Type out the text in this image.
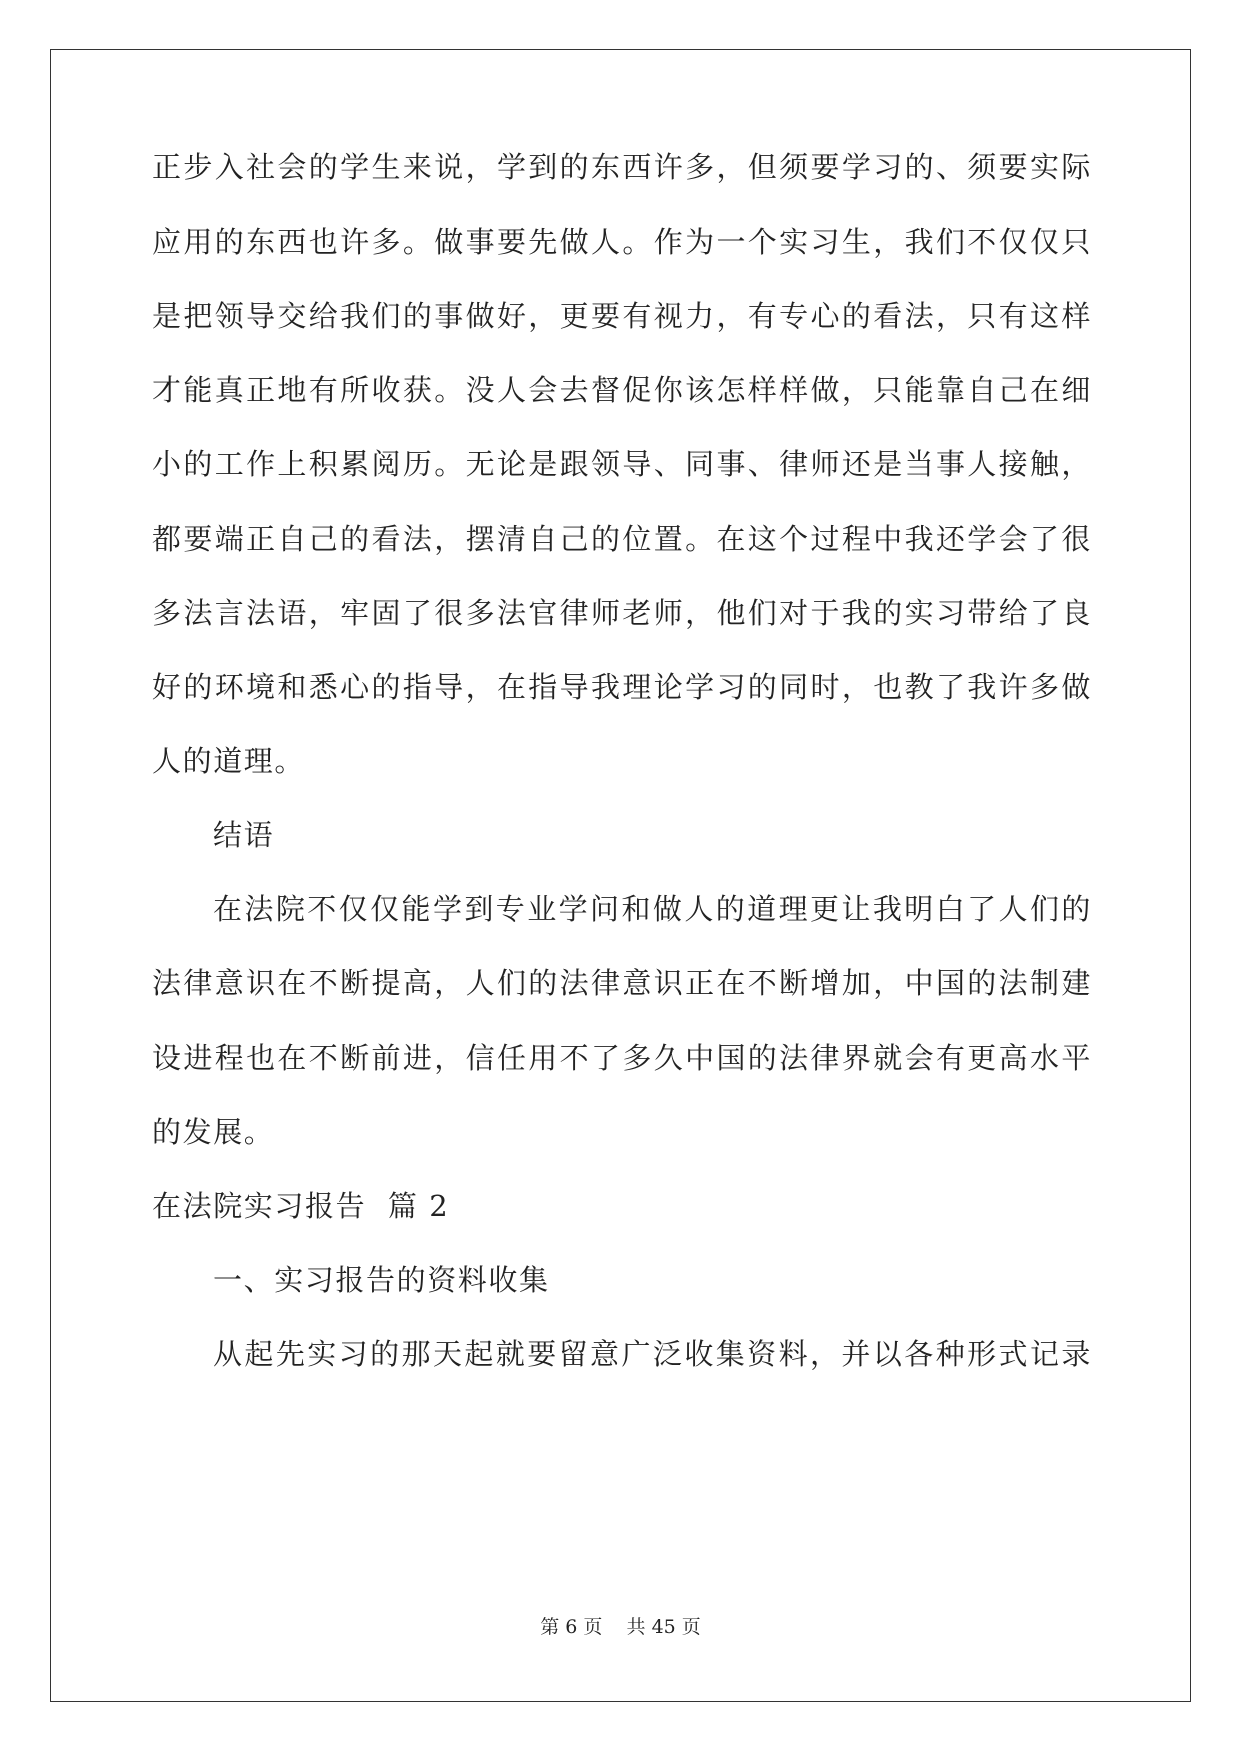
正步入社会的学生来说，学到的东西许多，但须要学习的、须要实际
应用的东西也许多。做事要先做人。作为一个实习生，我们不仅仅只
是把领导交给我们的事做好，更要有视力，有专心的看法，只有这样
才能真正地有所收获。没人会去督促你该怎样样做，只能靠自己在细
小的工作上积累阅历。无论是跟领导、同事、律师还是当事人接触，
都要端正自己的看法，摆清自己的位置。在这个过程中我还学会了很
多法言法语，牢固了很多法官律师老师，他们对于我的实习带给了良
好的环境和悉心的指导，在指导我理论学习的同时，也教了我许多做
人的道理。
结语
在法院不仅仅能学到专业学问和做人的道理更让我明白了人们的
法律意识在不断提高，人们的法律意识正在不断增加，中国的法制建
设进程也在不断前进，信任用不了多久中国的法律界就会有更高水平
的发展。
在法院实习报告  篇 2
一、实习报告的资料收集
从起先实习的那天起就要留意广泛收集资料，并以各种形式记录
第 6 页    共 45 页
